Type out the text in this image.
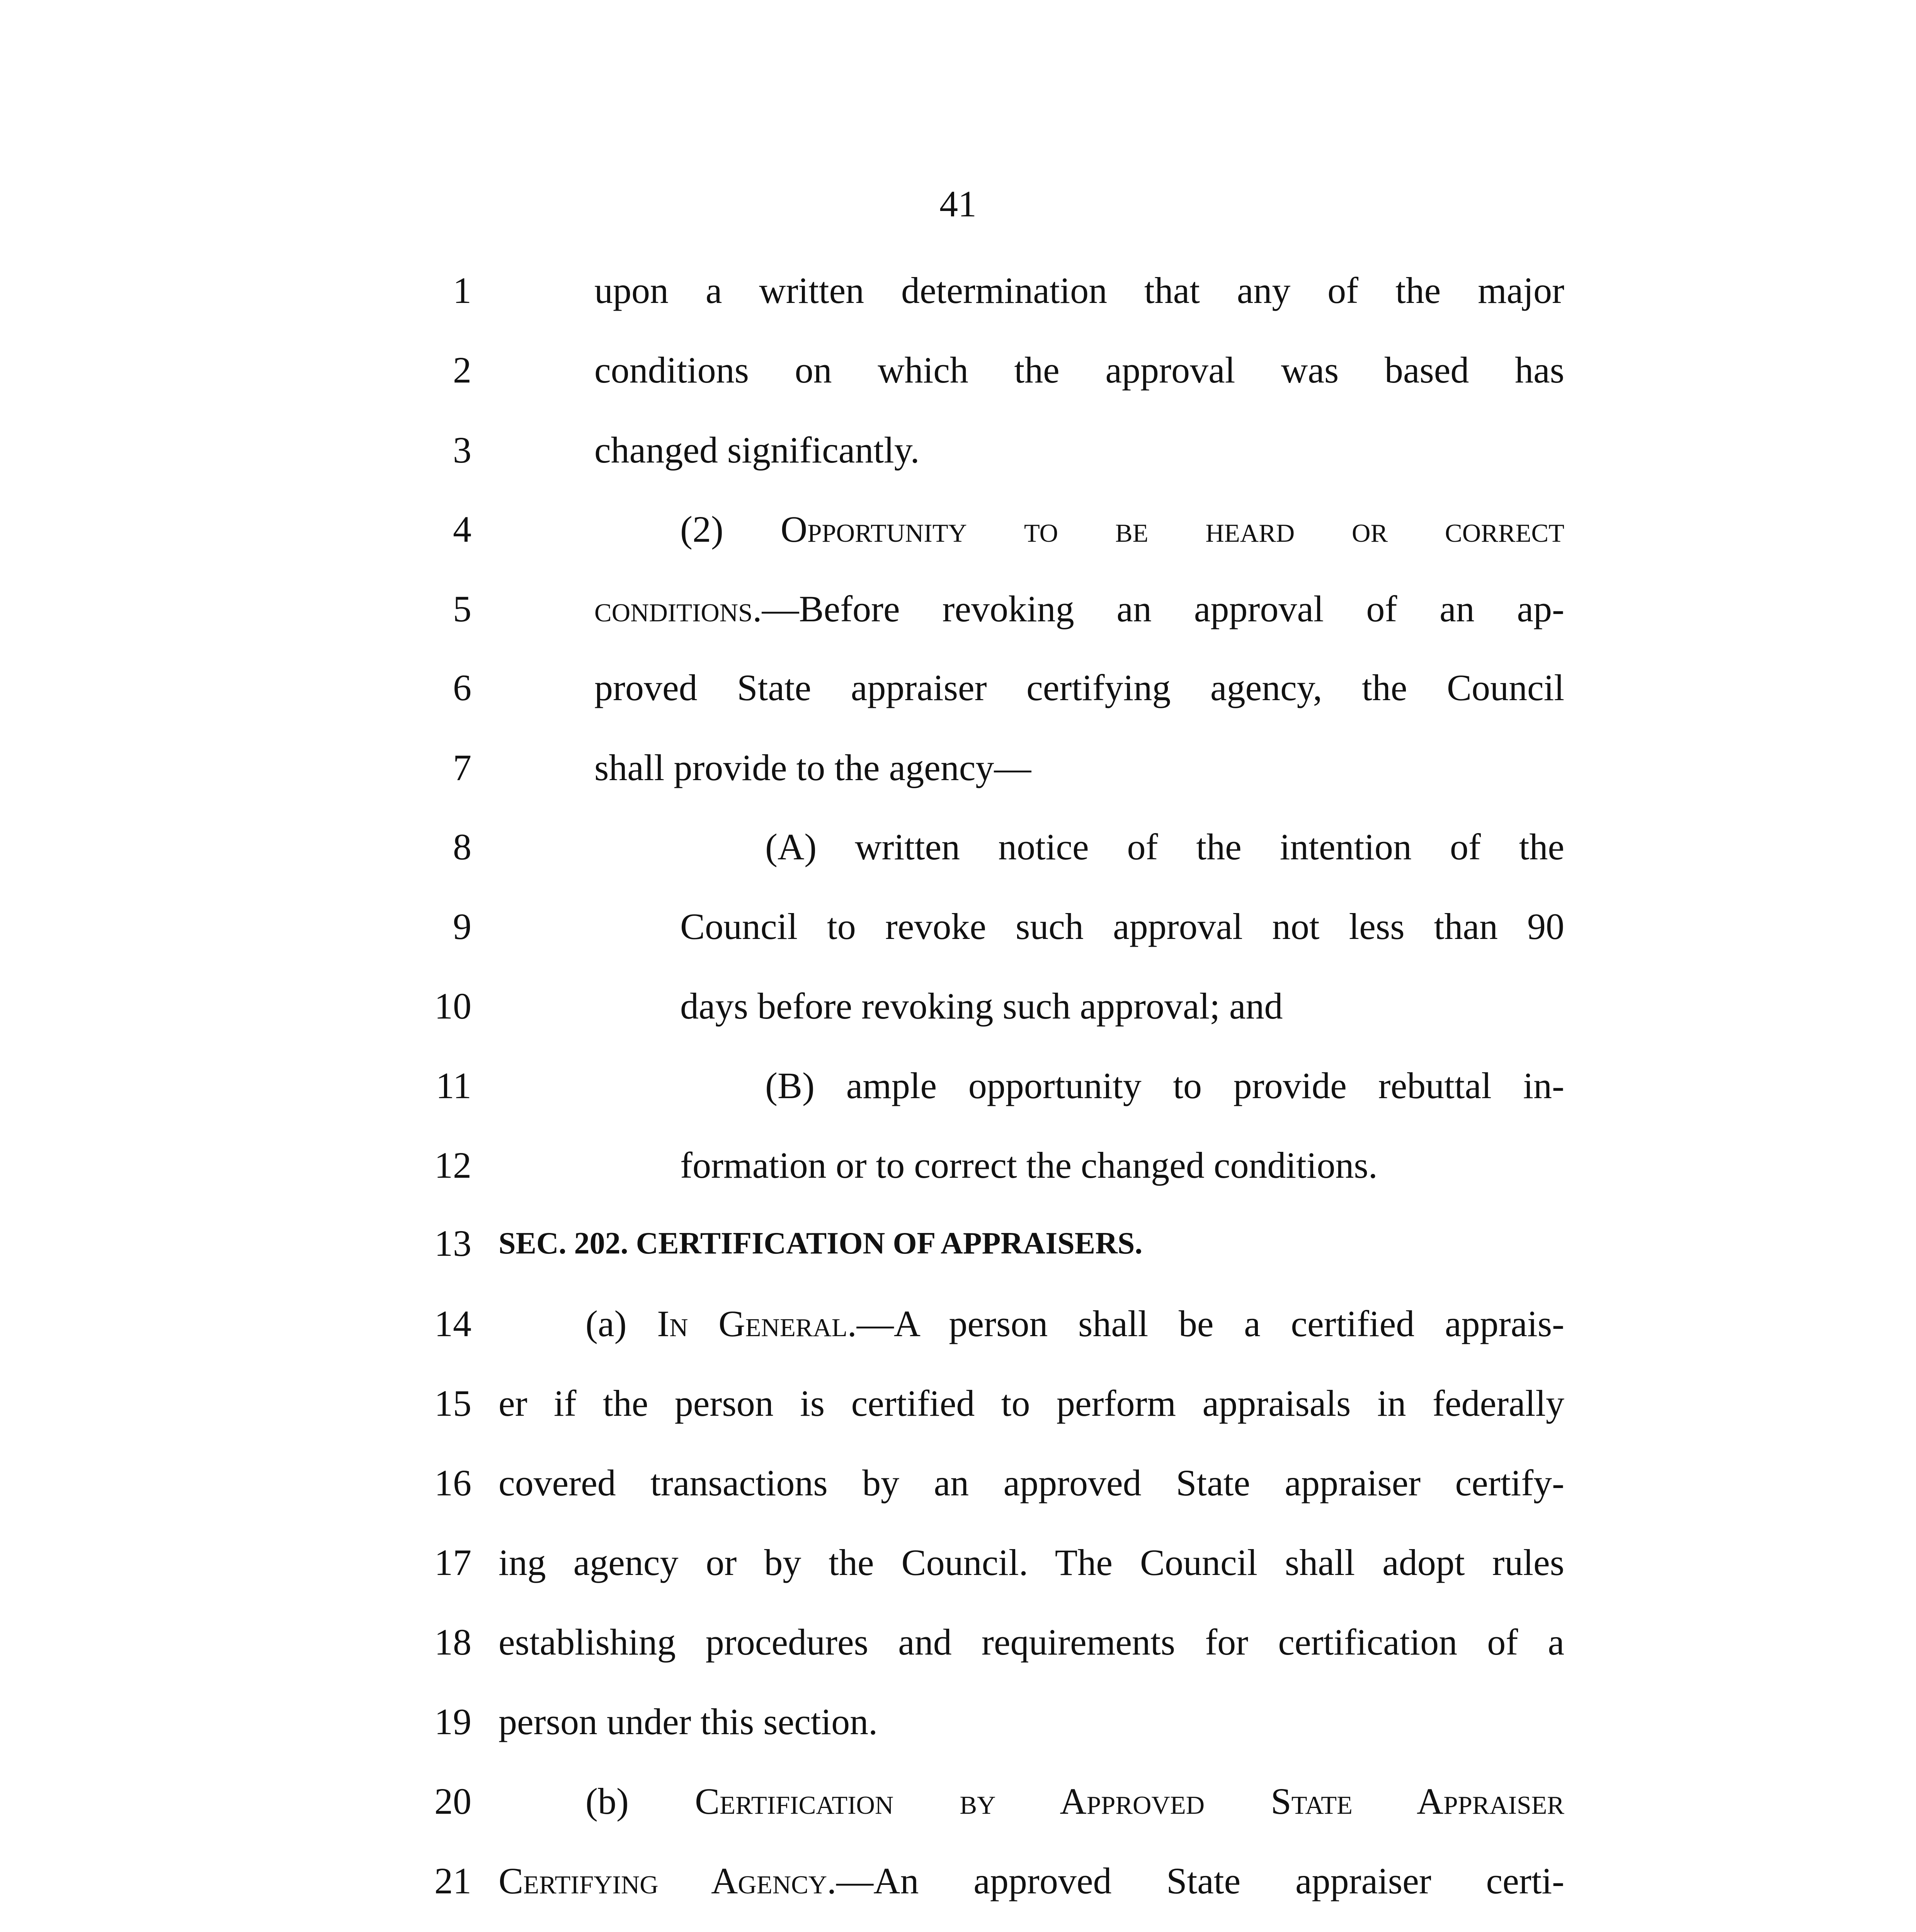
41
1	upon a written determination that any of the major
2	conditions on which the approval was based has
3	changed significantly.
4	(2) Opportunity to be heard or correct
5	conditions.—Before revoking an approval of an ap-
6	proved State appraiser certifying agency, the Council
7	shall provide to the agency—
8	(A) written notice of the intention of the
9	Council to revoke such approval not less than 90
10	days before revoking such approval; and
11	(B) ample opportunity to provide rebuttal in-
12	formation or to correct the changed conditions.
13 SEC. 202. CERTIFICATION OF APPRAISERS.
14	(a) In General.—A person shall be a certified apprais-
15 er if the person is certified to perform appraisals in federally
16 covered transactions by an approved State appraiser certify-
17 ing agency or by the Council. The Council shall adopt rules
18 establishing procedures and requirements for certification of a
19 person under this section.
20	(b) Certification by Approved State Appraiser
21 Certifying Agency.—An approved State appraiser certi-
